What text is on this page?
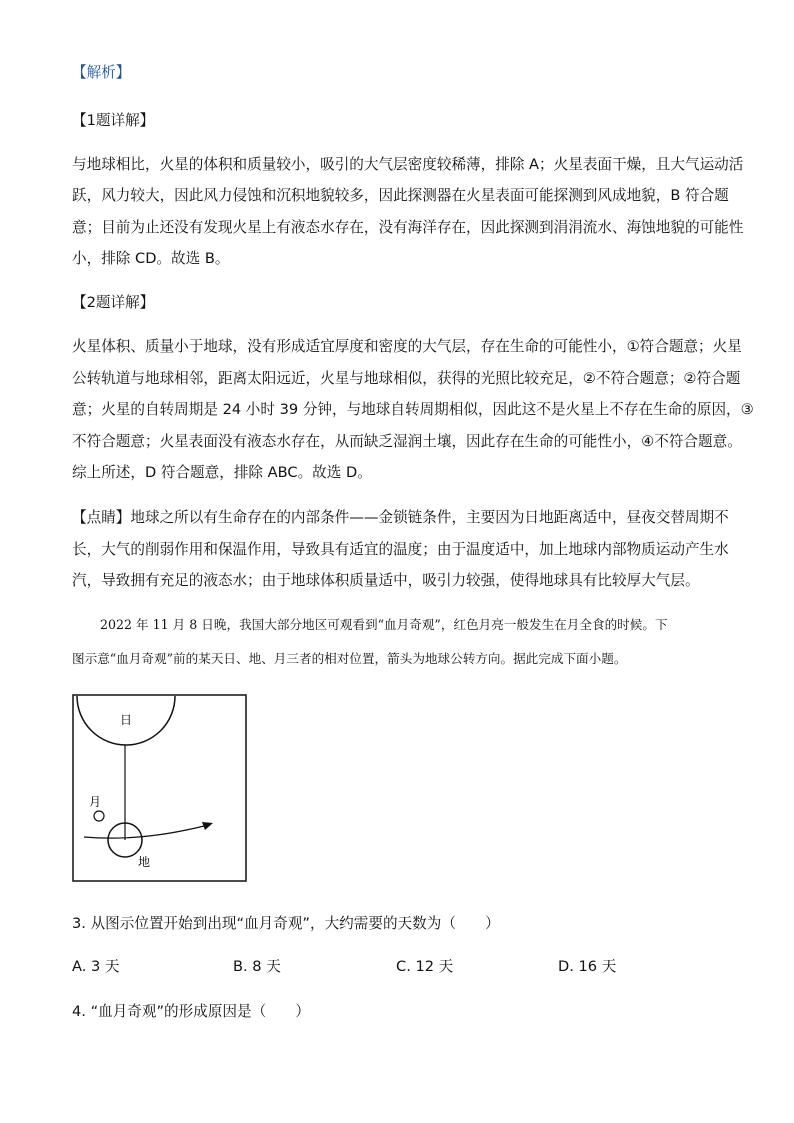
【解析】
【1题详解】
与地球相比，火星的体积和质量较小，吸引的大气层密度较稀薄，排除 A；火星表面干燥，且大气运动活
跃，风力较大，因此风力侵蚀和沉积地貌较多，因此探测器在火星表面可能探测到风成地貌，B 符合题
意；目前为止还没有发现火星上有液态水存在，没有海洋存在，因此探测到涓涓流水、海蚀地貌的可能性
小，排除 CD。故选 B。
【2题详解】
火星体积、质量小于地球，没有形成适宜厚度和密度的大气层，存在生命的可能性小，①符合题意；火星
公转轨道与地球相邻，距离太阳远近，火星与地球相似，获得的光照比较充足，②不符合题意；②符合题
意；火星的自转周期是 24 小时 39 分钟，与地球自转周期相似，因此这不是火星上不存在生命的原因，③
不符合题意；火星表面没有液态水存在，从而缺乏湿润土壤，因此存在生命的可能性小，④不符合题意。
综上所述，D 符合题意，排除 ABC。故选 D。
【点睛】地球之所以有生命存在的内部条件——金锁链条件，主要因为日地距离适中，昼夜交替周期不
长，大气的削弱作用和保温作用，导致具有适宜的温度；由于温度适中，加上地球内部物质运动产生水
汽，导致拥有充足的液态水；由于地球体积质量适中，吸引力较强，使得地球具有比较厚大气层。
2022 年 11 月 8 日晚，我国大部分地区可观看到“血月奇观”，红色月亮一般发生在月全食的时候。下
图示意“血月奇观”前的某天日、地、月三者的相对位置，箭头为地球公转方向。据此完成下面小题。
日
月
地
3. 从图示位置开始到出现“血月奇观”，大约需要的天数为（　　）
A. 3 天	B. 8 天	C. 12 天	D. 16 天
4. “血月奇观”的形成原因是（　　）
